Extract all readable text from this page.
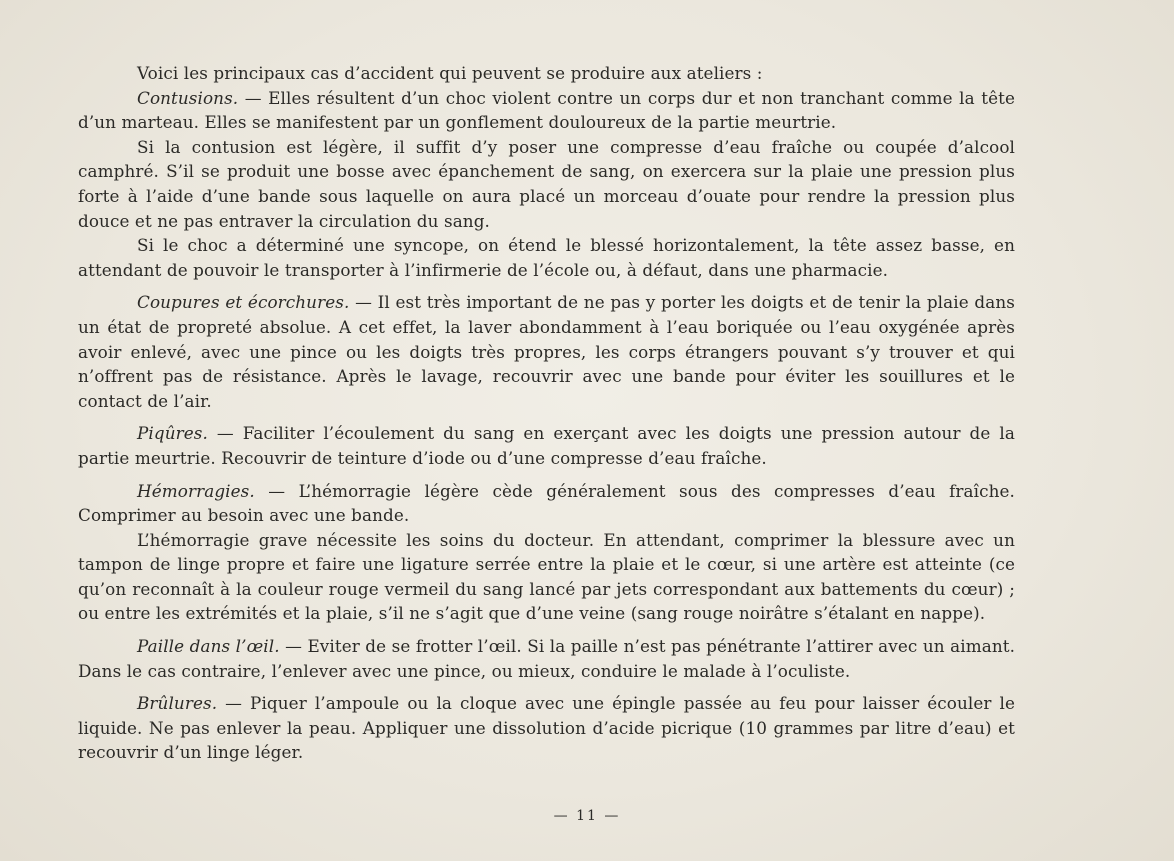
Voici les principaux cas d’accident qui peuvent se produire aux ateliers :

Contusions. — Elles résultent d’un choc violent contre un corps dur et non tranchant comme la tête d’un marteau. Elles se manifestent par un gonflement douloureux de la partie meurtrie.

Si la contusion est légère, il suffit d’y poser une compresse d’eau fraîche ou coupée d’alcool camphré. S’il se produit une bosse avec épanchement de sang, on exercera sur la plaie une pression plus forte à l’aide d’une bande sous laquelle on aura placé un morceau d’ouate pour rendre la pression plus douce et ne pas entraver la circulation du sang.

Si le choc a déterminé une syncope, on étend le blessé horizontalement, la tête assez basse, en attendant de pouvoir le transporter à l’infirmerie de l’école ou, à défaut, dans une pharmacie.

Coupures et écorchures. — Il est très important de ne pas y porter les doigts et de tenir la plaie dans un état de propreté absolue. A cet effet, la laver abondamment à l’eau boriquée ou l’eau oxygénée après avoir enlevé, avec une pince ou les doigts très propres, les corps étrangers pouvant s’y trouver et qui n’offrent pas de résistance. Après le lavage, recouvrir avec une bande pour éviter les souillures et le contact de l’air.

Piqûres. — Faciliter l’écoulement du sang en exerçant avec les doigts une pression autour de la partie meurtrie. Recouvrir de teinture d’iode ou d’une compresse d’eau fraîche.

Hémorragies. — L’hémorragie légère cède généralement sous des compresses d’eau fraîche. Comprimer au besoin avec une bande.

L’hémorragie grave nécessite les soins du docteur. En attendant, comprimer la blessure avec un tampon de linge propre et faire une ligature serrée entre la plaie et le cœur, si une artère est atteinte (ce qu’on reconnaît à la couleur rouge vermeil du sang lancé par jets correspondant aux battements du cœur) ; ou entre les extrémités et la plaie, s’il ne s’agit que d’une veine (sang rouge noirâtre s’étalant en nappe).

Paille dans l’œil. — Eviter de se frotter l’œil. Si la paille n’est pas pénétrante l’attirer avec un aimant. Dans le cas contraire, l’enlever avec une pince, ou mieux, conduire le malade à l’oculiste.

Brûlures. — Piquer l’ampoule ou la cloque avec une épingle passée au feu pour laisser écouler le liquide. Ne pas enlever la peau. Appliquer une dissolution d’acide picrique (10 grammes par litre d’eau) et recouvrir d’un linge léger.

— 11 —
